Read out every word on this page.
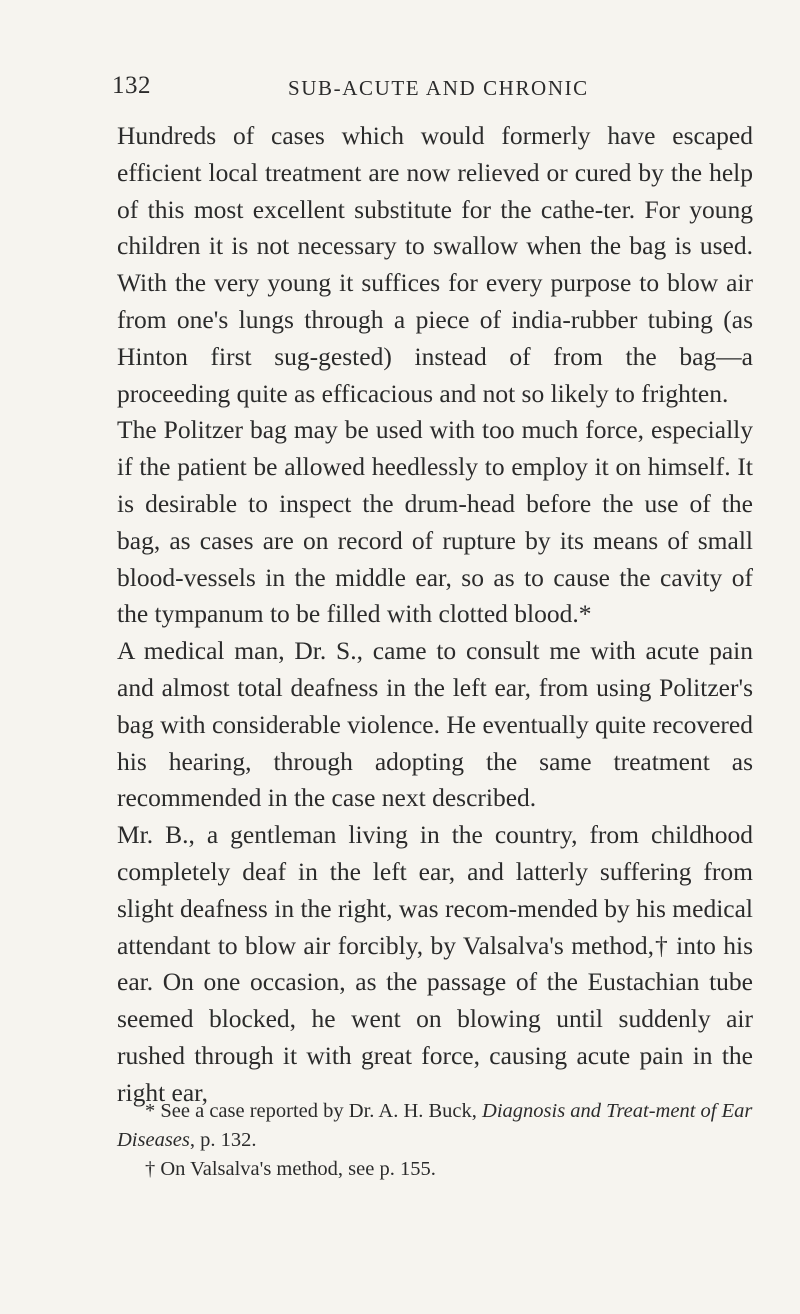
132	SUB-ACUTE AND CHRONIC

Hundreds of cases which would formerly have escaped efficient local treatment are now relieved or cured by the help of this most excellent substitute for the cathe-ter. For young children it is not necessary to swallow when the bag is used. With the very young it suffices for every purpose to blow air from one's lungs through a piece of india-rubber tubing (as Hinton first sug-gested) instead of from the bag—a proceeding quite as efficacious and not so likely to frighten.

The Politzer bag may be used with too much force, especially if the patient be allowed heedlessly to employ it on himself. It is desirable to inspect the drum-head before the use of the bag, as cases are on record of rupture by its means of small blood-vessels in the middle ear, so as to cause the cavity of the tympanum to be filled with clotted blood.*

A medical man, Dr. S., came to consult me with acute pain and almost total deafness in the left ear, from using Politzer's bag with considerable violence. He eventually quite recovered his hearing, through adopting the same treatment as recommended in the case next described.

Mr. B., a gentleman living in the country, from childhood completely deaf in the left ear, and latterly suffering from slight deafness in the right, was recom-mended by his medical attendant to blow air forcibly, by Valsalva's method,† into his ear. On one occasion, as the passage of the Eustachian tube seemed blocked, he went on blowing until suddenly air rushed through it with great force, causing acute pain in the right ear,

* See a case reported by Dr. A. H. Buck, Diagnosis and Treat-ment of Ear Diseases, p. 132.

† On Valsalva's method, see p. 155.
